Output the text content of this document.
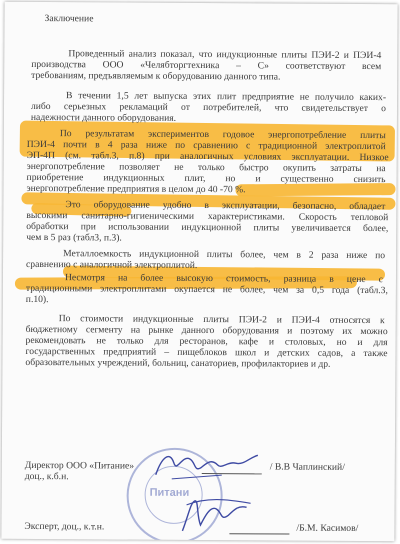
Заключение
Проведенный анализ показал, что индукционные плиты ПЭИ-2 и ПЭИ-4
производства ООО «Челябторгтехника – С» соответствуют всем
требованиям, предъявляемым к оборудованию данного типа.
В течении 1,5 лет выпуска этих плит предприятие не получило каких-
либо серьезных рекламаций от потребителей, что свидетельствует о
надежности данного оборудования.
По результатам экспериментов годовое энергопотребление плиты
ПЭИ-4 почти в 4 раза ниже по сравнению с традиционной электроплитой
ЭП-4П (см. табл.3, п.8) при аналогичных условиях эксплуатации. Низкое
энергопотребление позволяет не только быстро окупить затраты на
приобретение индукционных плит, но и существенно снизить
энергопотребление предприятия в целом до 40 -70 %.
Это оборудование удобно в эксплуатации, безопасно, обладает
высокими санитарно-гигиеническими характеристиками. Скорость тепловой
обработки при использовании индукционной плиты увеличивается более,
чем в 5 раз (табл3, п.3).
Металлоемкость индукционной плиты более, чем в 2 раза ниже по
сравнению с аналогичной электроплитой.
Несмотря на более высокую стоимость, разница в цене с
традиционными электроплитами окупается не более, чем за 0,5 года (табл.3,
п.10).
По стоимости индукционные плиты ПЭИ-2 и ПЭИ-4 относятся к
бюджетному сегменту на рынке данного оборудования и поэтому их можно
рекомендовать не только для ресторанов, кафе и столовых, но и для
государственных предприятий – пищеблоков школ и детских садов, а также
образовательных учреждений, больниц, санаториев, профилакториев и др.
Питани
Директор ООО «Питание»
доц., к.б.н.
/ В.В Чаплинский/
Эксперт, доц., к.т.н.	/Б.М. Касимов/
